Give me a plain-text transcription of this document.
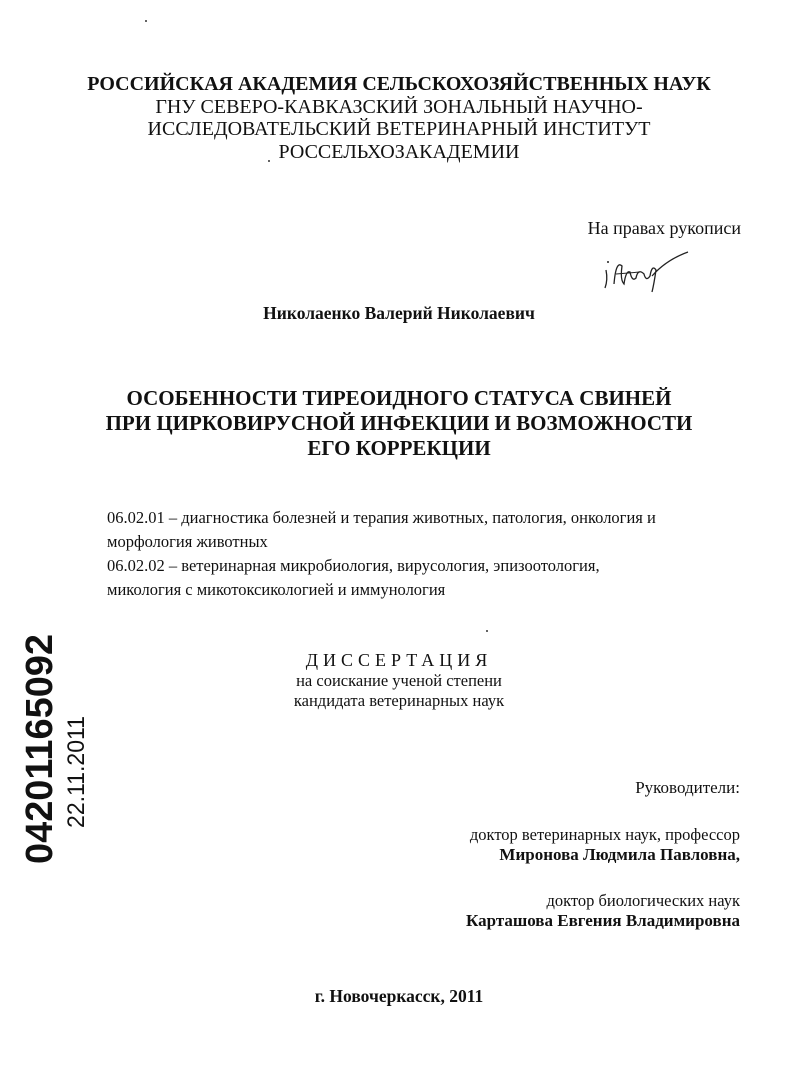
РОССИЙСКАЯ АКАДЕМИЯ СЕЛЬСКОХОЗЯЙСТВЕННЫХ НАУК
ГНУ СЕВЕРО-КАВКАЗСКИЙ ЗОНАЛЬНЫЙ НАУЧНО-
ИССЛЕДОВАТЕЛЬСКИЙ ВЕТЕРИНАРНЫЙ ИНСТИТУТ
РОССЕЛЬХОЗАКАДЕМИИ
На правах рукописи
Николаенко Валерий Николаевич
ОСОБЕННОСТИ ТИРЕОИДНОГО СТАТУСА СВИНЕЙ
ПРИ ЦИРКОВИРУСНОЙ ИНФЕКЦИИ И ВОЗМОЖНОСТИ
ЕГО КОРРЕКЦИИ
06.02.01 – диагностика болезней и терапия животных, патология, онкология и
морфология животных
06.02.02 – ветеринарная микробиология, вирусология, эпизоотология,
микология с микотоксикологией и иммунология
ДИССЕРТАЦИЯ
на соискание ученой степени
кандидата ветеринарных наук
Руководители:
доктор ветеринарных наук, профессор
Миронова Людмила Павловна,
доктор биологических наук
Карташова Евгения Владимировна
г. Новочеркасск, 2011
04201165092 22.11.2011
